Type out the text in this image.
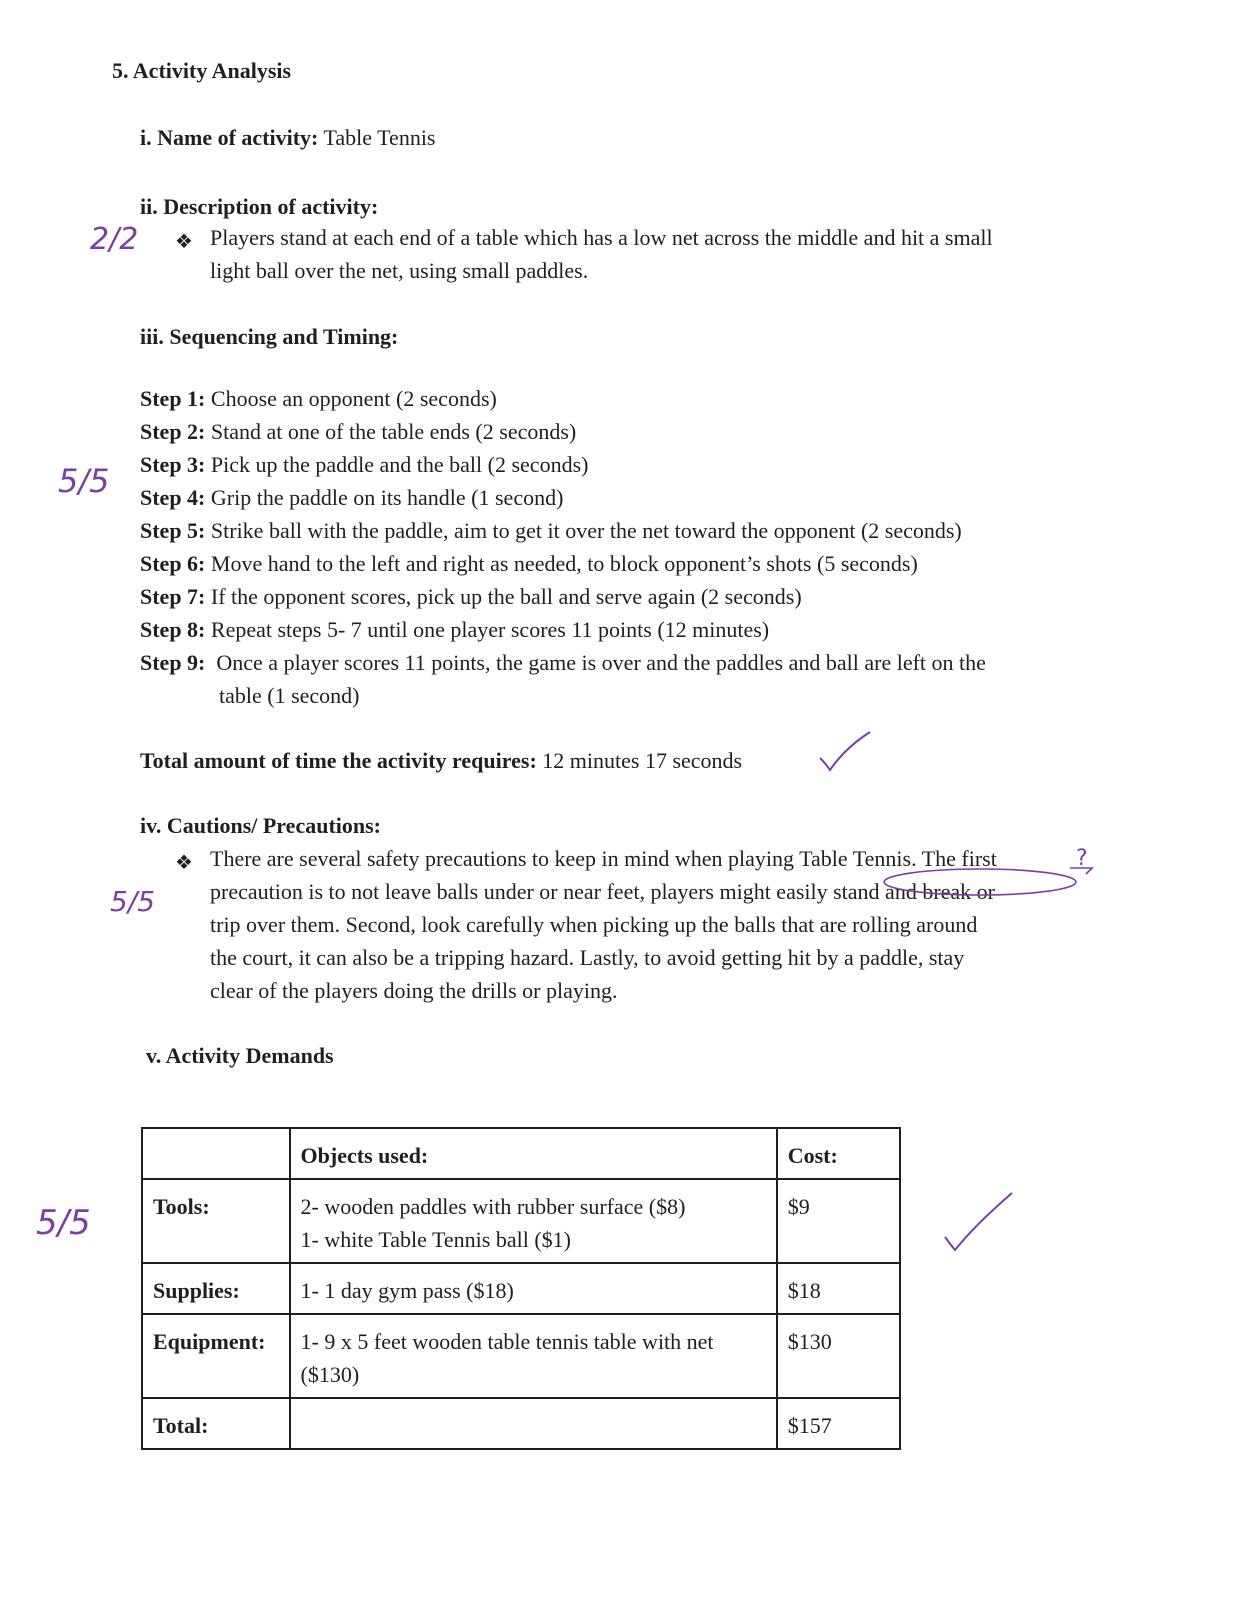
5. Activity Analysis
i. Name of activity: Table Tennis
ii. Description of activity:
❖ Players stand at each end of a table which has a low net across the middle and hit a small
light ball over the net, using small paddles.
iii. Sequencing and Timing:
Step 1: Choose an opponent (2 seconds)
Step 2: Stand at one of the table ends (2 seconds)
Step 3: Pick up the paddle and the ball (2 seconds)
Step 4: Grip the paddle on its handle (1 second)
Step 5: Strike ball with the paddle, aim to get it over the net toward the opponent (2 seconds)
Step 6: Move hand to the left and right as needed, to block opponent’s shots (5 seconds)
Step 7: If the opponent scores, pick up the ball and serve again (2 seconds)
Step 8: Repeat steps 5- 7 until one player scores 11 points (12 minutes)
Step 9: Once a player scores 11 points, the game is over and the paddles and ball are left on the
table (1 second)
Total amount of time the activity requires: 12 minutes 17 seconds
iv. Cautions/ Precautions:
❖ There are several safety precautions to keep in mind when playing Table Tennis. The first
precaution is to not leave balls under or near feet, players might easily stand and break or
trip over them. Second, look carefully when picking up the balls that are rolling around
the court, it can also be a tripping hazard. Lastly, to avoid getting hit by a paddle, stay
clear of the players doing the drills or playing.
v. Activity Demands
	Objects used:	Cost:
Tools:	2- wooden paddles with rubber surface ($8)
1- white Table Tennis ball ($1)	$9
Supplies:	1- 1 day gym pass ($18)	$18
Equipment:	1- 9 x 5 feet wooden table tennis table with net
($130)	$130
Total:		$157
2/2
5/5
5/5
5/5
?
